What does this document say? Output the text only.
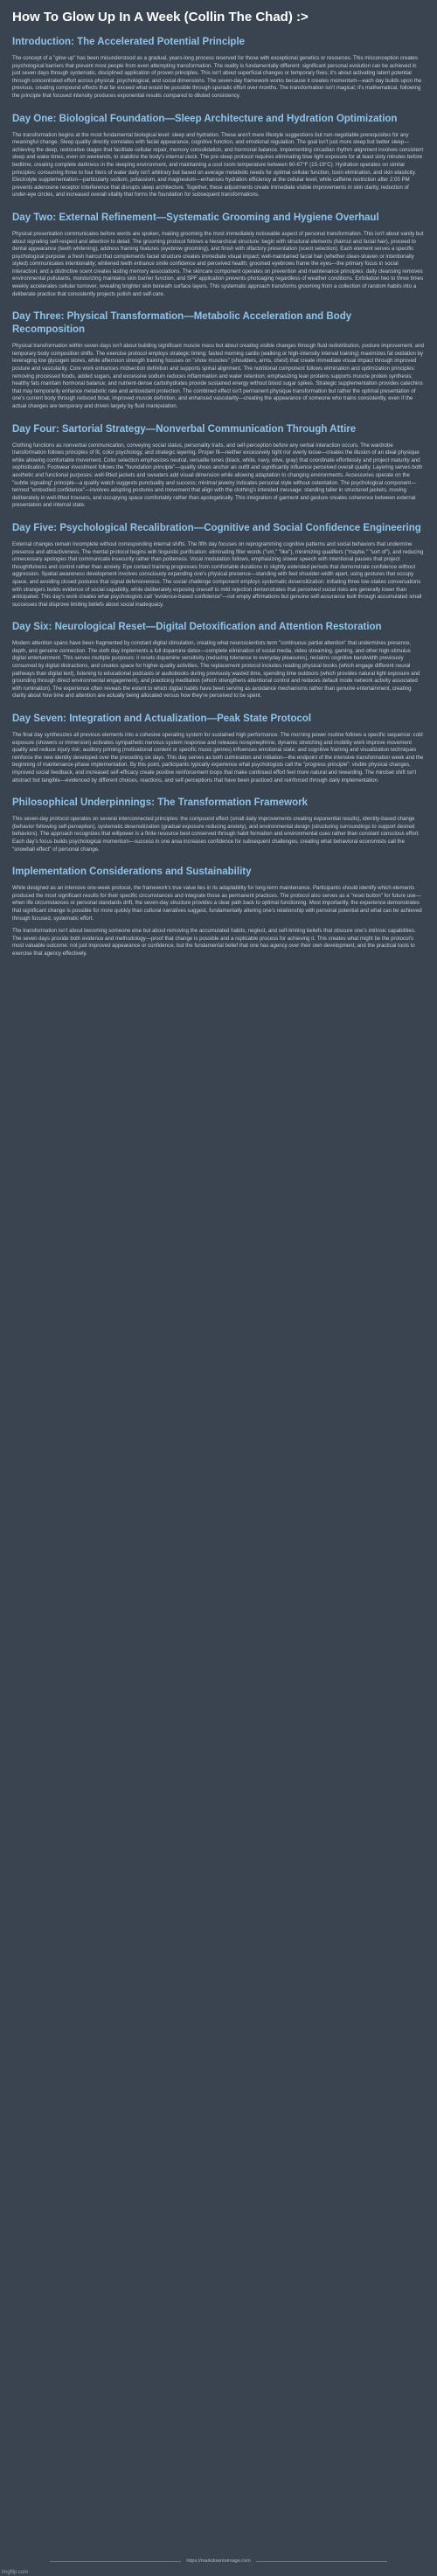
How To Glow Up In A Week (Collin The Chad) :>
Introduction: The Accelerated Potential Principle

The concept of a "glow up" has been misunderstood as a gradual, years-long process reserved for those with exceptional genetics or resources. This misconception creates psychological barriers that prevent most people from even attempting transformation. The reality is fundamentally different: significant personal evolution can be achieved in just seven days through systematic, disciplined application of proven principles. This isn't about superficial changes or temporary fixes; it's about activating latent potential through concentrated effort across physical, psychological, and social dimensions. The seven-day framework works because it creates momentum—each day builds upon the previous, creating compound effects that far exceed what would be possible through sporadic effort over months. The transformation isn't magical; it's mathematical, following the principle that focused intensity produces exponential results compared to diluted consistency.

Day One: Biological Foundation—Sleep Architecture and Hydration Optimization

The transformation begins at the most fundamental biological level: sleep and hydration. These aren't mere lifestyle suggestions but non-negotiable prerequisites for any meaningful change. Sleep quality directly correlates with facial appearance, cognitive function, and emotional regulation. The goal isn't just more sleep but better sleep—achieving the deep, restorative stages that facilitate cellular repair, memory consolidation, and hormonal balance. Implementing circadian rhythm alignment involves consistent sleep and wake times, even on weekends, to stabilize the body's internal clock. The pre-sleep protocol requires eliminating blue light exposure for at least sixty minutes before bedtime, creating complete darkness in the sleeping environment, and maintaining a cool room temperature between 60-67°F (15-19°C). Hydration operates on similar principles: consuming three to four liters of water daily isn't arbitrary but based on average metabolic needs for optimal cellular function, toxin elimination, and skin elasticity. Electrolyte supplementation—particularly sodium, potassium, and magnesium—enhances hydration efficiency at the cellular level, while caffeine restriction after 2:00 PM prevents adenosine receptor interference that disrupts sleep architecture. Together, these adjustments create immediate visible improvements in skin clarity, reduction of under-eye circles, and increased overall vitality that forms the foundation for subsequent transformations.

Day Two: External Refinement—Systematic Grooming and Hygiene Overhaul

Physical presentation communicates before words are spoken, making grooming the most immediately noticeable aspect of personal transformation. This isn't about vanity but about signaling self-respect and attention to detail. The grooming protocol follows a hierarchical structure: begin with structural elements (haircut and facial hair), proceed to dental appearance (teeth whitening), address framing features (eyebrow grooming), and finish with olfactory presentation (scent selection). Each element serves a specific psychological purpose: a fresh haircut that complements facial structure creates immediate visual impact; well-maintained facial hair (whether clean-shaven or intentionally styled) communicates intentionality; whitened teeth enhance smile confidence and perceived health; groomed eyebrows frame the eyes—the primary focus in social interaction; and a distinctive scent creates lasting memory associations. The skincare component operates on prevention and maintenance principles: daily cleansing removes environmental pollutants, moisturizing maintains skin barrier function, and SPF application prevents photoaging regardless of weather conditions. Exfoliation two to three times weekly accelerates cellular turnover, revealing brighter skin beneath surface layers. This systematic approach transforms grooming from a collection of random habits into a deliberate practice that consistently projects polish and self-care.

Day Three: Physical Transformation—Metabolic Acceleration and Body Recomposition

Physical transformation within seven days isn't about building significant muscle mass but about creating visible changes through fluid redistribution, posture improvement, and temporary body composition shifts. The exercise protocol employs strategic timing: fasted morning cardio (walking or high-intensity interval training) maximizes fat oxidation by leveraging low glycogen stores, while afternoon strength training focuses on "show muscles" (shoulders, arms, chest) that create immediate visual impact through improved posture and vascularity. Core work enhances midsection definition and supports spinal alignment. The nutritional component follows elimination and optimization principles: removing processed foods, added sugars, and excessive sodium reduces inflammation and water retention; emphasizing lean proteins supports muscle protein synthesis; healthy fats maintain hormonal balance; and nutrient-dense carbohydrates provide sustained energy without blood sugar spikes. Strategic supplementation provides catechins that may temporarily enhance metabolic rate and antioxidant protection. The combined effect isn't permanent physique transformation but rather the optimal presentation of one's current body through reduced bloat, improved muscle definition, and enhanced vascularity—creating the appearance of someone who trains consistently, even if the actual changes are temporary and driven largely by fluid manipulation.

Day Four: Sartorial Strategy—Nonverbal Communication Through Attire

Clothing functions as nonverbal communication, conveying social status, personality traits, and self-perception before any verbal interaction occurs. The wardrobe transformation follows principles of fit, color psychology, and strategic layering. Proper fit—neither excessively tight nor overly loose—creates the illusion of an ideal physique while allowing comfortable movement. Color selection emphasizes neutral, versatile tones (black, white, navy, olive, gray) that coordinate effortlessly and project maturity and sophistication. Footwear investment follows the "foundation principle"—quality shoes anchor an outfit and significantly influence perceived overall quality. Layering serves both aesthetic and functional purposes: well-fitted jackets and sweaters add visual dimension while allowing adaptation to changing environments. Accessories operate on the "subtle signaling" principle—a quality watch suggests punctuality and success; minimal jewelry indicates personal style without ostentation. The psychological component—termed "embodied confidence"—involves adopting postures and movement that align with the clothing's intended message: standing taller in structured jackets, moving deliberately in well-fitted trousers, and occupying space comfortably rather than apologetically. This integration of garment and gesture creates coherence between external presentation and internal state.

Day Five: Psychological Recalibration—Cognitive and Social Confidence Engineering

External changes remain incomplete without corresponding internal shifts. The fifth day focuses on reprogramming cognitive patterns and social behaviors that undermine presence and attractiveness. The mental protocol begins with linguistic purification: eliminating filler words ("um," "like"), minimizing qualifiers ("maybe," "sort of"), and reducing unnecessary apologies that communicate insecurity rather than politeness. Vocal modulation follows, emphasizing slower speech with intentional pauses that project thoughtfulness and control rather than anxiety. Eye contact training progresses from comfortable durations to slightly extended periods that demonstrate confidence without aggression. Spatial awareness development involves consciously expanding one's physical presence—standing with feet shoulder-width apart, using gestures that occupy space, and avoiding closed postures that signal defensiveness. The social challenge component employs systematic desensitization: initiating three low-stakes conversations with strangers builds evidence of social capability, while deliberately exposing oneself to mild rejection demonstrates that perceived social risks are generally lower than anticipated. This day's work creates what psychologists call "evidence-based confidence"—not empty affirmations but genuine self-assurance built through accumulated small successes that disprove limiting beliefs about social inadequacy.

Day Six: Neurological Reset—Digital Detoxification and Attention Restoration

Modern attention spans have been fragmented by constant digital stimulation, creating what neuroscientists term "continuous partial attention" that undermines presence, depth, and genuine connection. The sixth day implements a full dopamine detox—complete elimination of social media, video streaming, gaming, and other high-stimulus digital entertainment. This serves multiple purposes: it resets dopamine sensitivity (reducing tolerance to everyday pleasures), reclaims cognitive bandwidth previously consumed by digital distractions, and creates space for higher-quality activities. The replacement protocol includes reading physical books (which engage different neural pathways than digital text), listening to educational podcasts or audiobooks during previously wasted time, spending time outdoors (which provides natural light exposure and grounding through direct environmental engagement), and practicing meditation (which strengthens attentional control and reduces default mode network activity associated with rumination). The experience often reveals the extent to which digital habits have been serving as avoidance mechanisms rather than genuine entertainment, creating clarity about how time and attention are actually being allocated versus how they're perceived to be spent.

Day Seven: Integration and Actualization—Peak State Protocol

The final day synthesizes all previous elements into a cohesive operating system for sustained high performance. The morning power routine follows a specific sequence: cold exposure (showers or immersion) activates sympathetic nervous system response and releases norepinephrine; dynamic stretching and mobility work improve movement quality and reduce injury risk; auditory priming (motivational content or specific music genres) influences emotional state; and cognitive framing and visualization techniques reinforce the new identity developed over the preceding six days. This day serves as both culmination and initiation—the endpoint of the intensive transformation week and the beginning of maintenance-phase implementation. By this point, participants typically experience what psychologists call the "progress principle": visible physical changes, improved social feedback, and increased self-efficacy create positive reinforcement loops that make continued effort feel more natural and rewarding. The mindset shift isn't abstract but tangible—evidenced by different choices, reactions, and self-perceptions that have been practiced and reinforced through daily implementation.

Philosophical Underpinnings: The Transformation Framework

This seven-day protocol operates on several interconnected principles: the compound effect (small daily improvements creating exponential results), identity-based change (behavior following self-perception), systematic desensitization (gradual exposure reducing anxiety), and environmental design (structuring surroundings to support desired behaviors). The approach recognizes that willpower is a finite resource best conserved through habit formation and environmental cues rather than constant conscious effort. Each day's focus builds psychological momentum—success in one area increases confidence for subsequent challenges, creating what behavioral economists call the "snowball effect" of personal change.

Implementation Considerations and Sustainability

While designed as an intensive one-week protocol, the framework's true value lies in its adaptability for long-term maintenance. Participants should identify which elements produced the most significant results for their specific circumstances and integrate those as permanent practices. The protocol also serves as a "reset button" for future use—when life circumstances or personal standards drift, the seven-day structure provides a clear path back to optimal functioning. Most importantly, the experience demonstrates that significant change is possible for more quickly than cultural narratives suggest, fundamentally altering one's relationship with personal potential and what can be achieved through focused, systematic effort.

The transformation isn't about becoming someone else but about removing the accumulated habits, neglect, and self-limiting beliefs that obscure one's intrinsic capabilities. The seven days provide both evidence and methodology—proof that change is possible and a replicable process for achieving it. This creates what might be the protocol's most valuable outcome: not just improved appearance or confidence, but the fundamental belief that one has agency over their own development, and the practical tools to exercise that agency effectively.

https://markdowntoimage.com
imgflip.com
